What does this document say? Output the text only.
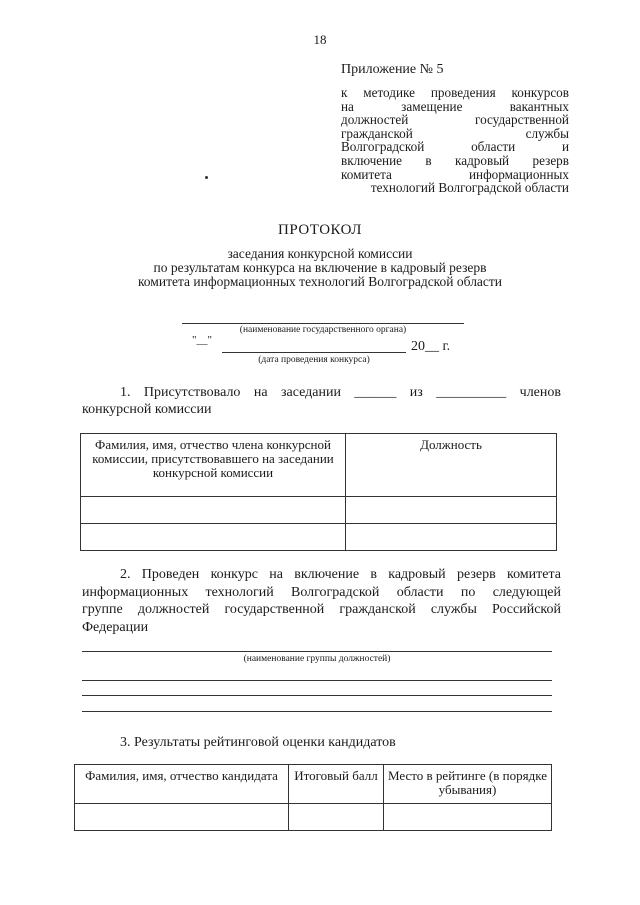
18
Приложение № 5
к методике проведения конкурсов
на замещение вакантных
должностей государственной
гражданской службы
Волгоградской области и
включение в кадровый резерв
комитета информационных
технологий Волгоградской области
ПРОТОКОЛ
заседания конкурсной комиссии
по результатам конкурса на включение в кадровый резерв
комитета информационных технологий Волгоградской области
(наименование государственного органа)
"__"	20__ г.
(дата проведения конкурса)
1. Присутствовало на заседании ______ из __________ членов
конкурсной комиссии
Фамилия, имя, отчество члена конкурсной комиссии, присутствовавшего на заседании конкурсной комиссии	Должность

2. Проведен конкурс на включение в кадровый резерв комитета
информационных технологий Волгоградской области по следующей
группе должностей государственной гражданской службы Российской
Федерации
(наименование группы должностей)
3. Результаты рейтинговой оценки кандидатов
Фамилия, имя, отчество кандидата	Итоговый балл	Место в рейтинге (в порядке убывания)
